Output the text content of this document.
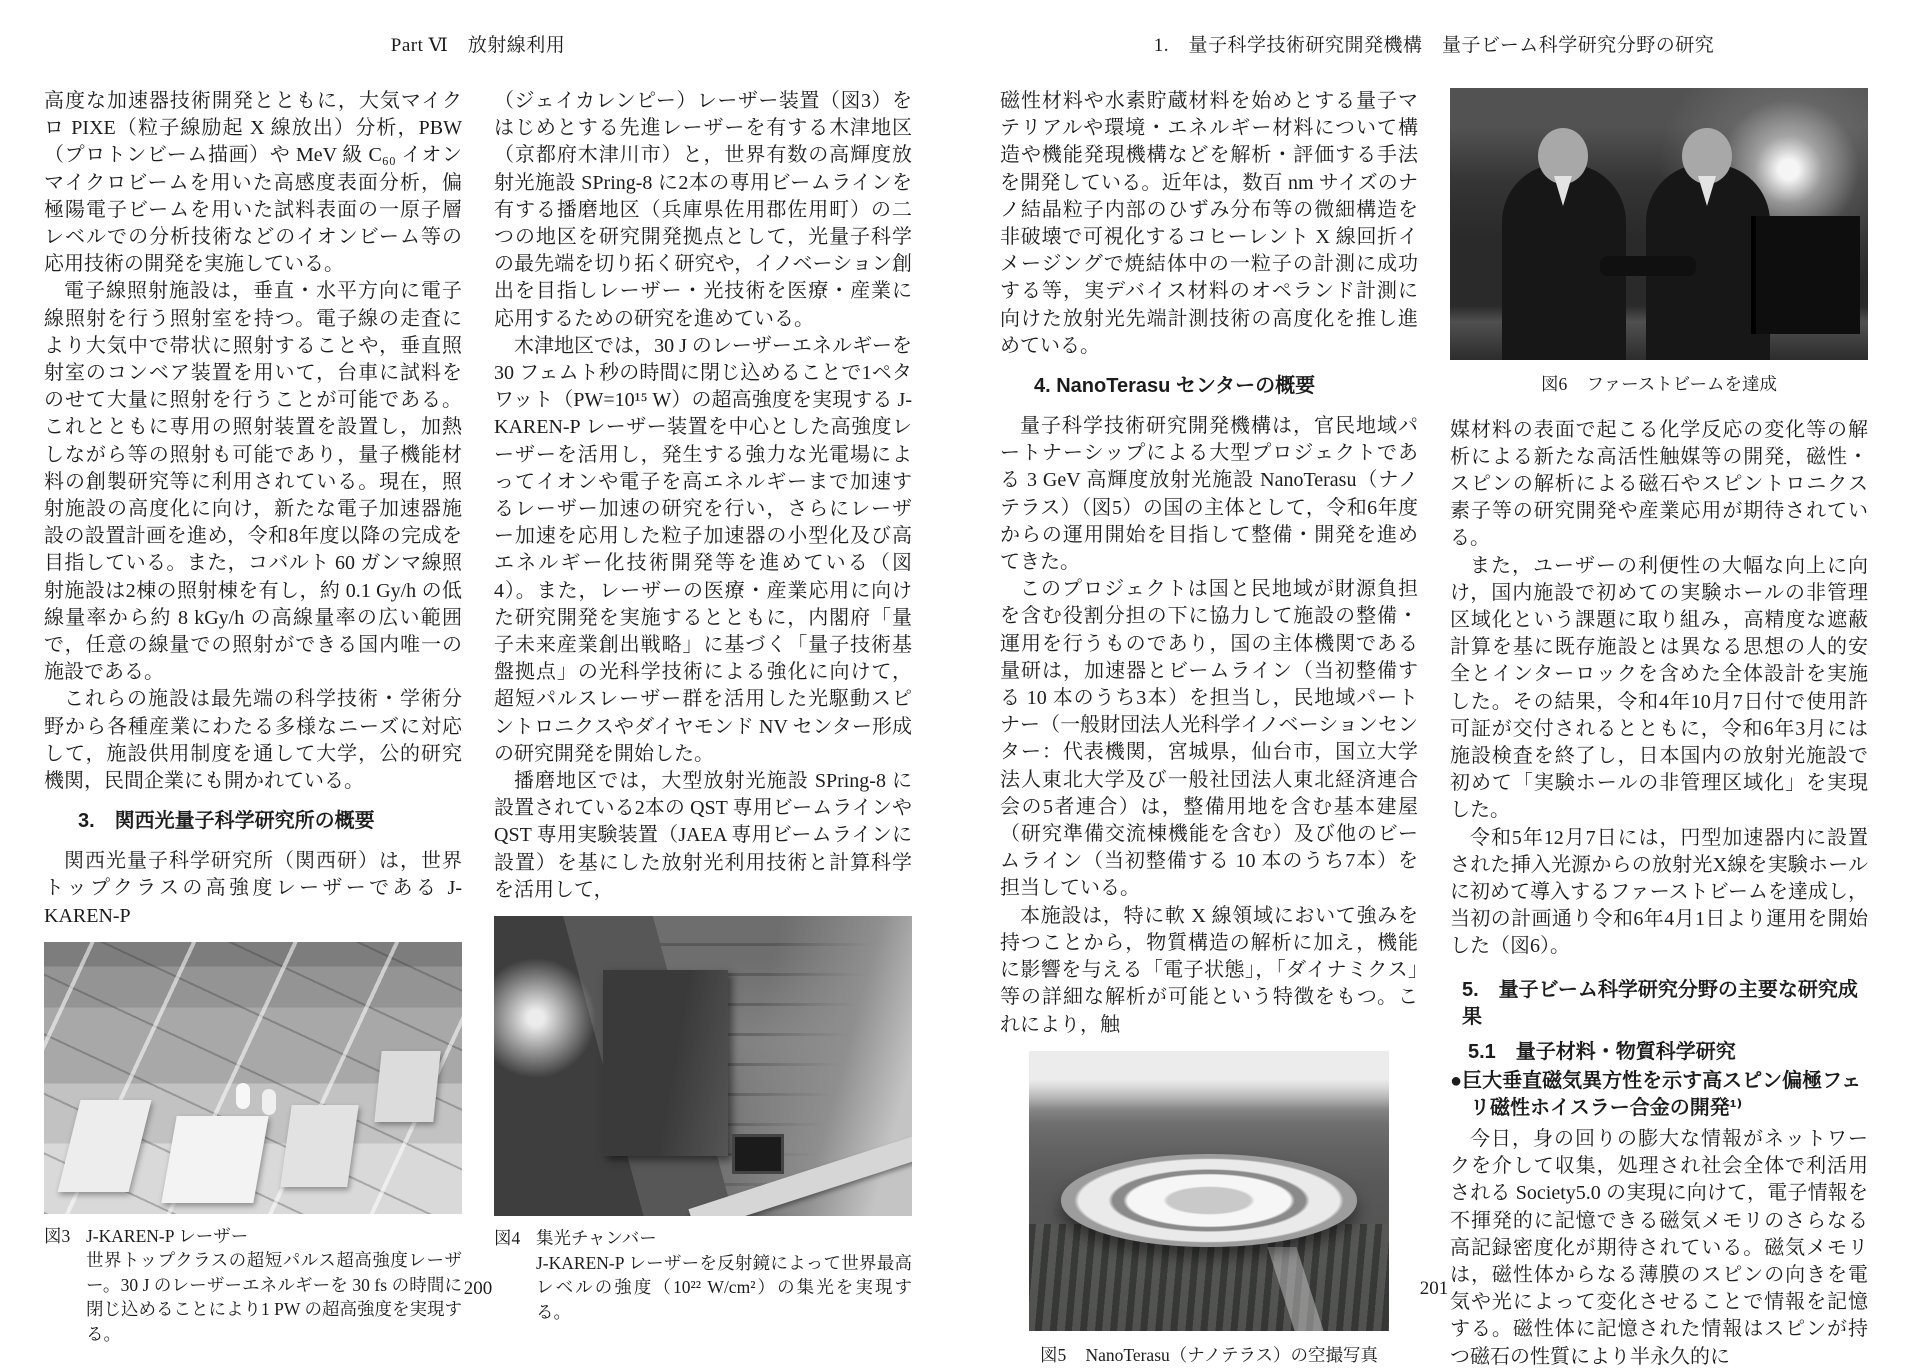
Part Ⅵ　放射線利用

高度な加速器技術開発とともに，大気マイクロ PIXE（粒子線励起 X 線放出）分析，PBW（プロトンビーム描画）や MeV 級 C₆₀ イオンマイクロビームを用いた高感度表面分析，偏極陽電子ビームを用いた試料表面の一原子層レベルでの分析技術などのイオンビーム等の応用技術の開発を実施している。

電子線照射施設は，垂直・水平方向に電子線照射を行う照射室を持つ。電子線の走査により大気中で帯状に照射することや，垂直照射室のコンベア装置を用いて，台車に試料をのせて大量に照射を行うことが可能である。これとともに専用の照射装置を設置し，加熱しながら等の照射も可能であり，量子機能材料の創製研究等に利用されている。現在，照射施設の高度化に向け，新たな電子加速器施設の設置計画を進め，令和8年度以降の完成を目指している。また，コバルト 60 ガンマ線照射施設は2棟の照射棟を有し，約 0.1 Gy/h の低線量率から約 8 kGy/h の高線量率の広い範囲で，任意の線量での照射ができる国内唯一の施設である。

これらの施設は最先端の科学技術・学術分野から各種産業にわたる多様なニーズに対応して，施設供用制度を通して大学，公的研究機関，民間企業にも開かれている。

3.　関西光量子科学研究所の概要

関西光量子科学研究所（関西研）は，世界トップクラスの高強度レーザーである J-KAREN-P

図3 J-KAREN-P レーザー
世界トップクラスの超短パルス超高強度レーザー。30 J のレーザーエネルギーを 30 fs の時間に閉じ込めることにより1 PW の超高強度を実現する。

（ジェイカレンピー）レーザー装置（図3）をはじめとする先進レーザーを有する木津地区（京都府木津川市）と，世界有数の高輝度放射光施設 SPring-8 に2本の専用ビームラインを有する播磨地区（兵庫県佐用郡佐用町）の二つの地区を研究開発拠点として，光量子科学の最先端を切り拓く研究や，イノベーション創出を目指しレーザー・光技術を医療・産業に応用するための研究を進めている。

木津地区では，30 J のレーザーエネルギーを 30 フェムト秒の時間に閉じ込めることで1ペタワット（PW=10¹⁵ W）の超高強度を実現する J-KAREN-P レーザー装置を中心とした高強度レーザーを活用し，発生する強力な光電場によってイオンや電子を高エネルギーまで加速するレーザー加速の研究を行い，さらにレーザー加速を応用した粒子加速器の小型化及び高エネルギー化技術開発等を進めている（図4）。また，レーザーの医療・産業応用に向けた研究開発を実施するとともに，内閣府「量子未来産業創出戦略」に基づく「量子技術基盤拠点」の光科学技術による強化に向けて，超短パルスレーザー群を活用した光駆動スピントロニクスやダイヤモンド NV センター形成の研究開発を開始した。

播磨地区では，大型放射光施設 SPring-8 に設置されている2本の QST 専用ビームラインや QST 専用実験装置（JAEA 専用ビームラインに設置）を基にした放射光利用技術と計算科学を活用して，

図4 集光チャンバー
J-KAREN-P レーザーを反射鏡によって世界最高レベルの強度（10²² W/cm²）の集光を実現する。
200
1.　量子科学技術研究開発機構　量子ビーム科学研究分野の研究

磁性材料や水素貯蔵材料を始めとする量子マテリアルや環境・エネルギー材料について構造や機能発現機構などを解析・評価する手法を開発している。近年は，数百 nm サイズのナノ結晶粒子内部のひずみ分布等の微細構造を非破壊で可視化するコヒーレント X 線回折イメージングで焼結体中の一粒子の計測に成功する等，実デバイス材料のオペランド計測に向けた放射光先端計測技術の高度化を推し進めている。

4. NanoTerasu センターの概要

量子科学技術研究開発機構は，官民地域パートナーシップによる大型プロジェクトである 3 GeV 高輝度放射光施設 NanoTerasu（ナノテラス）（図5）の国の主体として，令和6年度からの運用開始を目指して整備・開発を進めてきた。

このプロジェクトは国と民地域が財源負担を含む役割分担の下に協力して施設の整備・運用を行うものであり，国の主体機関である量研は，加速器とビームライン（当初整備する 10 本のうち3本）を担当し，民地域パートナー（一般財団法人光科学イノベーションセンター：代表機関，宮城県，仙台市，国立大学法人東北大学及び一般社団法人東北経済連合会の5者連合）は，整備用地を含む基本建屋（研究準備交流棟機能を含む）及び他のビームライン（当初整備する 10 本のうち7本）を担当している。

本施設は，特に軟 X 線領域において強みを持つことから，物質構造の解析に加え，機能に影響を与える「電子状態」，「ダイナミクス」等の詳細な解析が可能という特徴をもつ。これにより，触

図5 NanoTerasu（ナノテラス）の空撮写真
図6 ファーストビームを達成

媒材料の表面で起こる化学反応の変化等の解析による新たな高活性触媒等の開発，磁性・スピンの解析による磁石やスピントロニクス素子等の研究開発や産業応用が期待されている。

また，ユーザーの利便性の大幅な向上に向け，国内施設で初めての実験ホールの非管理区域化という課題に取り組み，高精度な遮蔽計算を基に既存施設とは異なる思想の人的安全とインターロックを含めた全体設計を実施した。その結果，令和4年10月7日付で使用許可証が交付されるとともに，令和6年3月には施設検査を終了し，日本国内の放射光施設で初めて「実験ホールの非管理区域化」を実現した。

令和5年12月7日には，円型加速器内に設置された挿入光源からの放射光X線を実験ホールに初めて導入するファーストビームを達成し，当初の計画通り令和6年4月1日より運用を開始した（図6）。

5.　量子ビーム科学研究分野の主要な研究成果
5.1　量子材料・物質科学研究
●巨大垂直磁気異方性を示す高スピン偏極フェリ磁性ホイスラー合金の開発¹⁾

今日，身の回りの膨大な情報がネットワークを介して収集，処理され社会全体で利活用される Society5.0 の実現に向けて，電子情報を不揮発的に記憶できる磁気メモリのさらなる高記録密度化が期待されている。磁気メモリは，磁性体からなる薄膜のスピンの向きを電気や光によって変化させることで情報を記憶する。磁性体に記憶された情報はスピンが持つ磁石の性質により半永久的に

201
